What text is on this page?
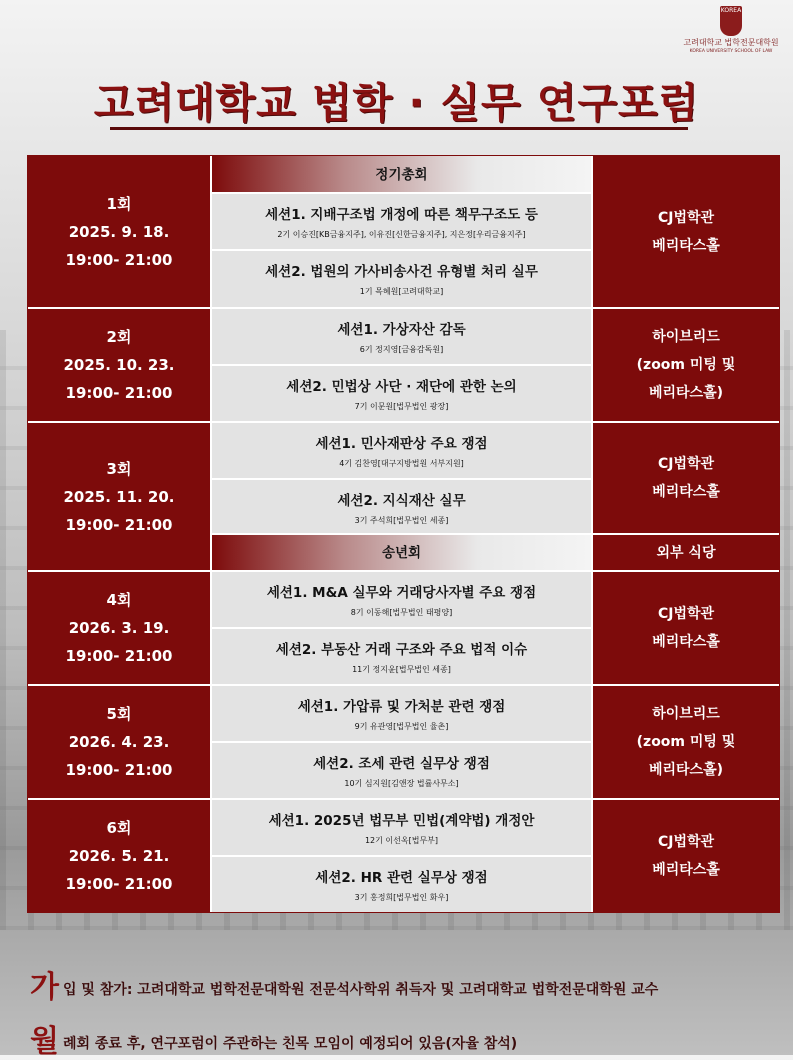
KOREA
고려대학교 법학전문대학원
KOREA UNIVERSITY SCHOOL OF LAW
고려대학교 법학 · 실무 연구포럼
1회
2025. 9. 18.
19:00- 21:00
정기총회
세션1. 지배구조법 개정에 따른 책무구조도 등
2기 이승진[KB금융지주], 이유진[신한금융지주], 지은정[우리금융지주]
세션2. 법원의 가사비송사건 유형별 처리 실무
1기 목혜원[고려대학교]
CJ법학관
베리타스홀
2회
2025. 10. 23.
19:00- 21:00
세션1. 가상자산 감독
6기 정지영[금융감독원]
세션2. 민법상 사단 · 재단에 관한 논의
7기 이문원[법무법인 광장]
하이브리드
(zoom 미팅 및
베리타스홀)
3회
2025. 11. 20.
19:00- 21:00
세션1. 민사재판상 주요 쟁점
4기 김찬영[대구지방법원 서부지원]
세션2. 지식재산 실무
3기 주석희[법무법인 세종]
송년회
CJ법학관
베리타스홀
외부 식당
4회
2026. 3. 19.
19:00- 21:00
세션1. M&A 실무와 거래당사자별 주요 쟁점
8기 이동해[법무법인 태평양]
세션2. 부동산 거래 구조와 주요 법적 이슈
11기 정지윤[법무법인 세종]
CJ법학관
베리타스홀
5회
2026. 4. 23.
19:00- 21:00
세션1. 가압류 및 가처분 관련 쟁점
9기 유관영[법무법인 율촌]
세션2. 조세 관련 실무상 쟁점
10기 심지원[김앤장 법률사무소]
하이브리드
(zoom 미팅 및
베리타스홀)
6회
2026. 5. 21.
19:00- 21:00
세션1. 2025년 법무부 민법(계약법) 개정안
12기 이선옥[법무부]
세션2. HR 관련 실무상 쟁점
3기 홍정희[법무법인 화우]
CJ법학관
베리타스홀
가입 및 참가: 고려대학교 법학전문대학원 전문석사학위 취득자 및 고려대학교 법학전문대학원 교수
월례회 종료 후, 연구포럼이 주관하는 친목 모임이 예정되어 있음(자율 참석)
